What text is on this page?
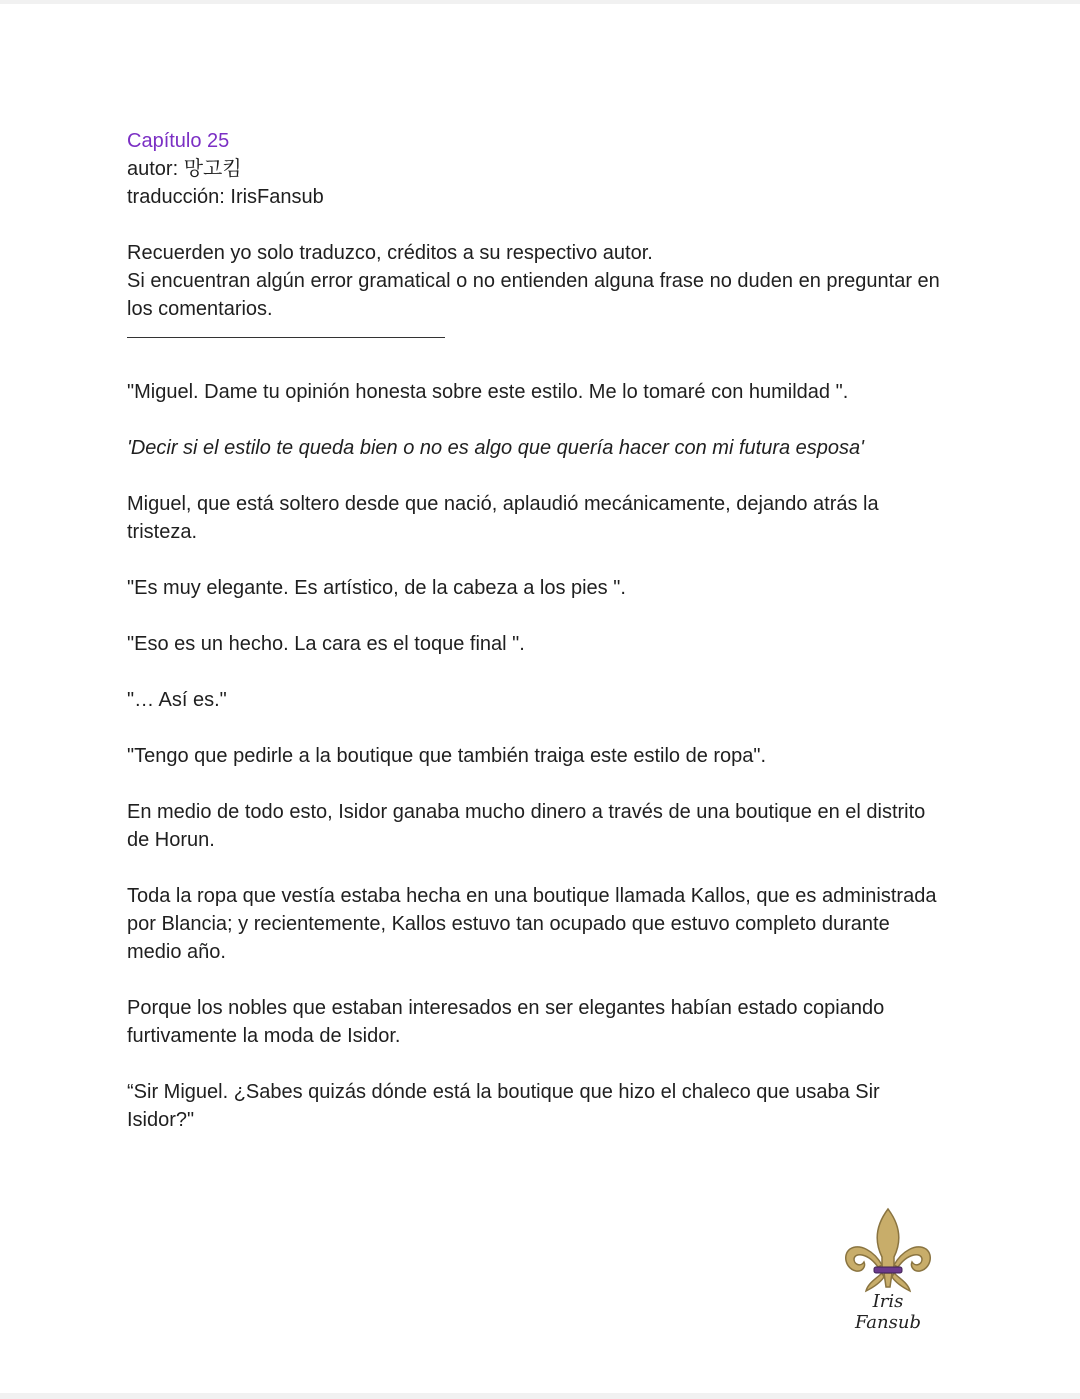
Capítulo 25

autor: 망고킴

traducción: IrisFansub

Recuerden yo solo traduzco, créditos a su respectivo autor.

Si encuentran algún error gramatical o no entienden alguna frase no duden en preguntar en los comentarios.

"Miguel. Dame tu opinión honesta sobre este estilo. Me lo tomaré con humildad ".

'Decir si el estilo te queda bien o no es algo que quería hacer con mi futura esposa'

Miguel, que está soltero desde que nació, aplaudió mecánicamente, dejando atrás la tristeza.

"Es muy elegante. Es artístico, de la cabeza a los pies ".

"Eso es un hecho. La cara es el toque final ".

"… Así es."

"Tengo que pedirle a la boutique que también traiga este estilo de ropa".

En medio de todo esto, Isidor ganaba mucho dinero a través de una boutique en el distrito de Horun.

Toda la ropa que vestía estaba hecha en una boutique llamada Kallos, que es administrada por Blancia; y recientemente, Kallos estuvo tan ocupado que estuvo completo durante medio año.

Porque los nobles que estaban interesados en ser elegantes habían estado copiando furtivamente la moda de Isidor.

“Sir Miguel. ¿Sabes quizás dónde está la boutique que hizo el chaleco que usaba Sir Isidor?"

Iris Fansub
